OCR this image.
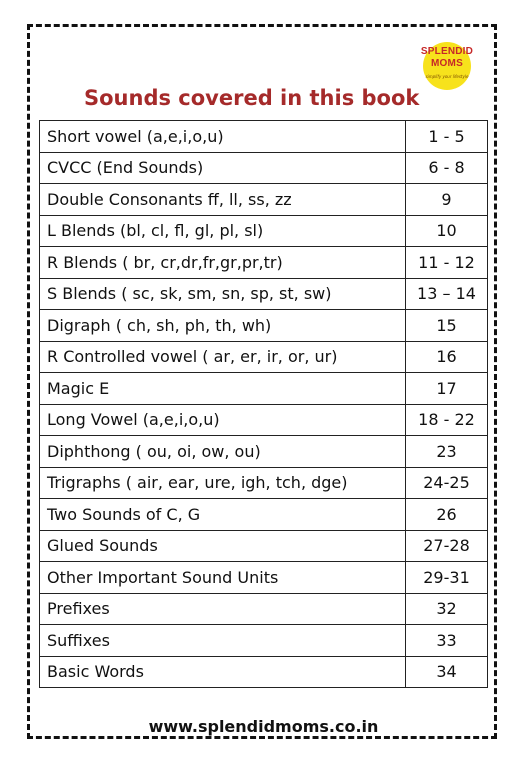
SPLENDID
MOMS
simplify your lifestyle
Sounds covered in this book
Short vowel (a,e,i,o,u)	1 - 5
CVCC (End Sounds)	6 - 8
Double Consonants ff, ll, ss, zz	9
L Blends (bl, cl, fl, gl, pl, sl)	10
R Blends ( br, cr,dr,fr,gr,pr,tr)	11 - 12
S Blends ( sc, sk, sm, sn, sp, st, sw)	13 – 14
Digraph ( ch, sh, ph, th, wh)	15
R Controlled vowel ( ar, er, ir, or, ur)	16
Magic E	17
Long Vowel (a,e,i,o,u)	18 - 22
Diphthong ( ou, oi, ow, ou)	23
Trigraphs ( air, ear, ure, igh, tch, dge)	24-25
Two Sounds of C, G	26
Glued Sounds	27-28
Other Important Sound Units	29-31
Prefixes	32
Suffixes	33
Basic Words	34
www.splendidmoms.co.in
